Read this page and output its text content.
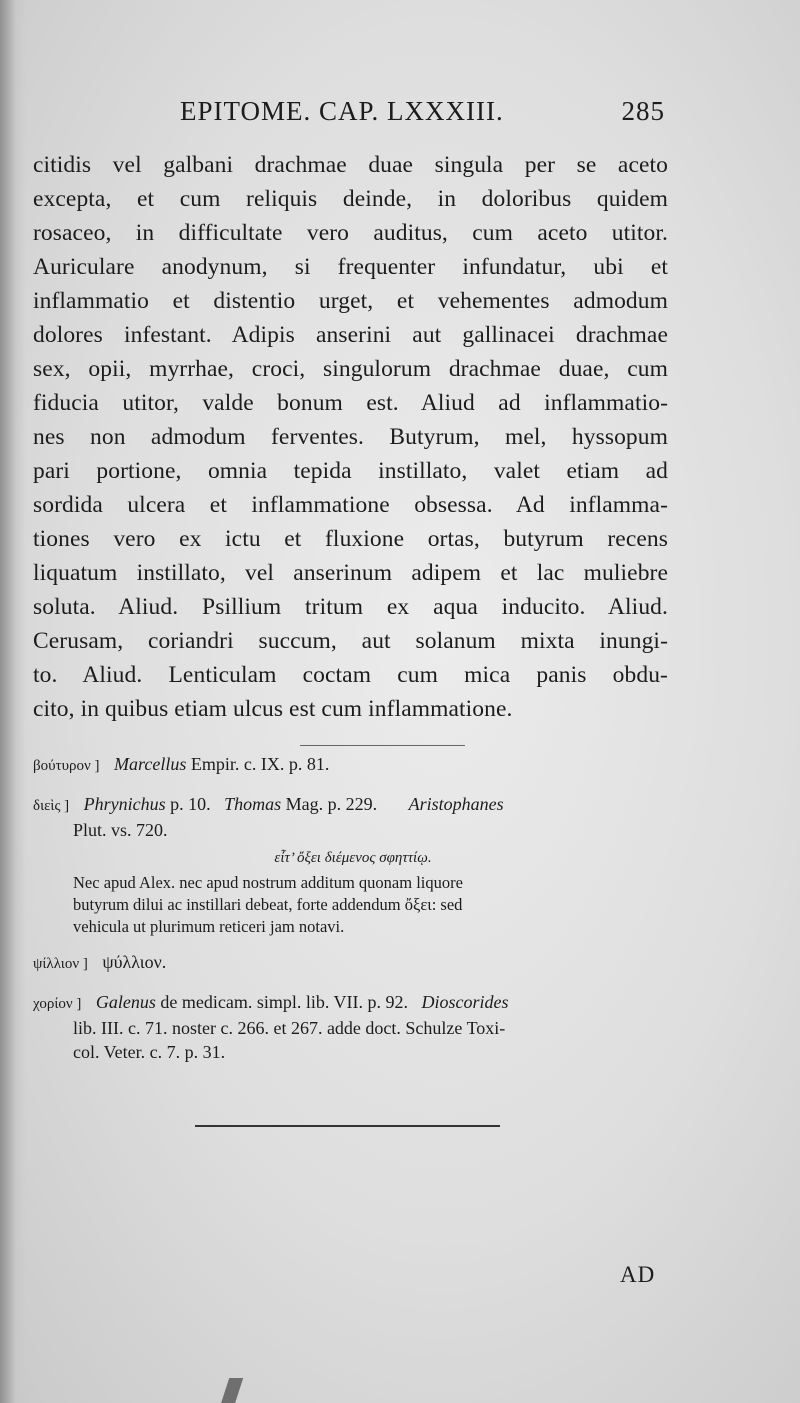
EPITOME. CAP. LXXXIII.	285
citidis vel galbani drachmae duae singula per se aceto
excepta, et cum reliquis deinde, in doloribus quidem
rosaceo, in difficultate vero auditus, cum aceto utitor.
Auriculare anodynum, si frequenter infundatur, ubi et
inflammatio et distentio urget, et vehementes admodum
dolores infestant. Adipis anserini aut gallinacei drachmae
sex, opii, myrrhae, croci, singulorum drachmae duae, cum
fiducia utitor, valde bonum est. Aliud ad inflammatio-
nes non admodum ferventes. Butyrum, mel, hyssopum
pari portione, omnia tepida instillato, valet etiam ad
sordida ulcera et inflammatione obsessa. Ad inflamma-
tiones vero ex ictu et fluxione ortas, butyrum recens
liquatum instillato, vel anserinum adipem et lac muliebre
soluta. Aliud. Psillium tritum ex aqua inducito. Aliud.
Cerusam, coriandri succum, aut solanum mixta inungi-
to. Aliud. Lenticulam coctam cum mica panis obdu-
cito, in quibus etiam ulcus est cum inflammatione.
βούτυρον ] Marcellus Empir. c. IX. p. 81.
διεὶς ] Phrynichus p. 10. Thomas Mag. p. 229. Aristophanes
Plut. vs. 720.
εἶτ’ ὄξει διέμενος σφηττίῳ.
Nec apud Alex. nec apud nostrum additum quonam liquore
butyrum dilui ac instillari debeat, forte addendum ὄξει: sed
vehicula ut plurimum reticeri jam notavi.
ψίλλιον ] ψύλλιον.
χορίον ] Galenus de medicam. simpl. lib. VII. p. 92. Dioscorides
lib. III. c. 71. noster c. 266. et 267. adde doct. Schulze Toxi-
col. Veter. c. 7. p. 31.
AD
